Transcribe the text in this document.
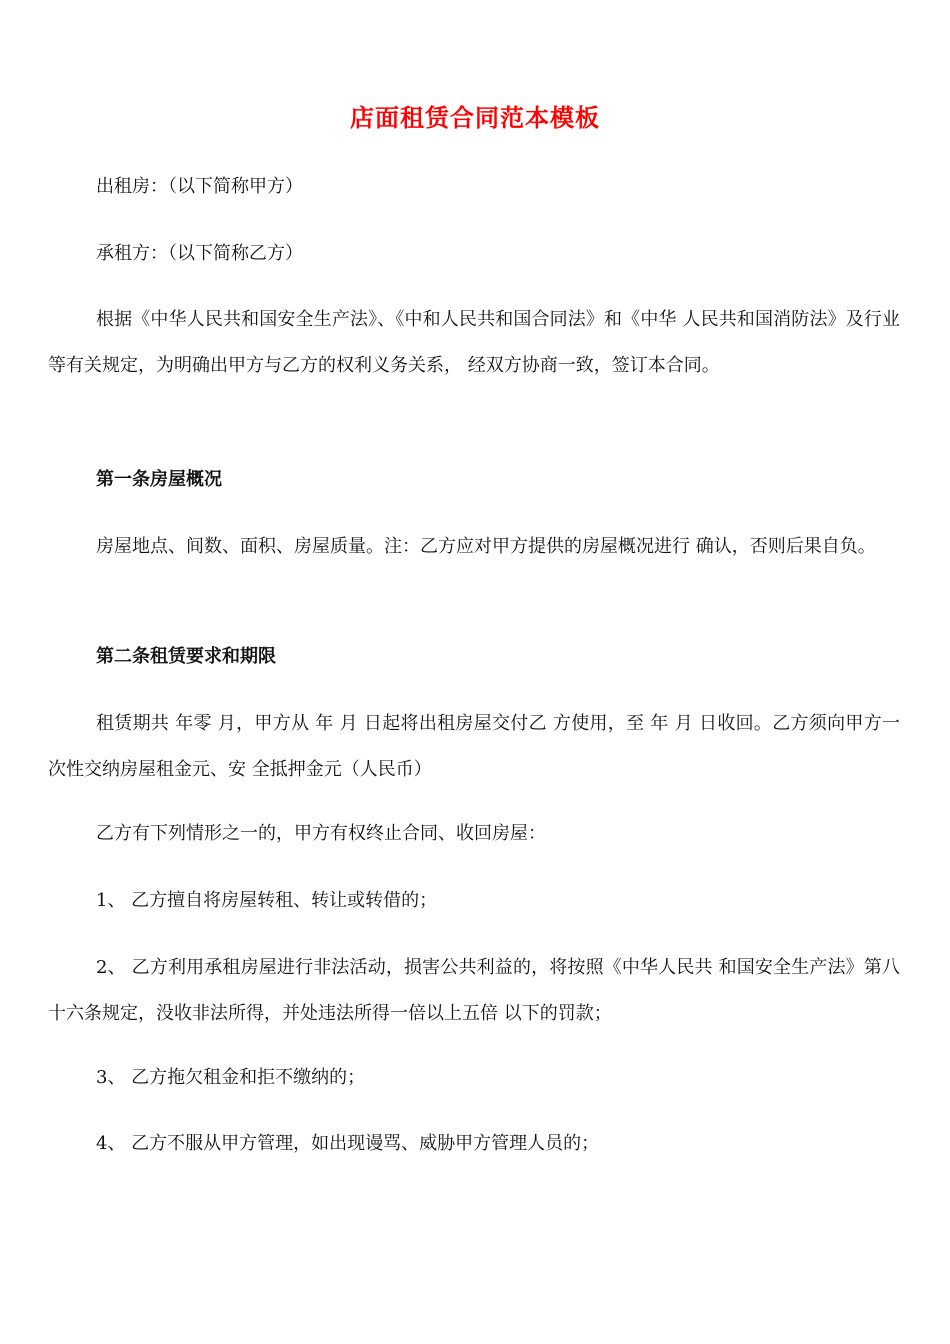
店面租赁合同范本模板
出租房：（以下简称甲方）
承租方：（以下简称乙方）
根据《中华人民共和国安全生产法》、《中和人民共和国合同法》和《中华 人民共和国消防法》及行业等有关规定，为明确出甲方与乙方的权利义务关系， 经双方协商一致，签订本合同。
第一条房屋概况
房屋地点、间数、面积、房屋质量。注：乙方应对甲方提供的房屋概况进行 确认，否则后果自负。
第二条租赁要求和期限
租赁期共 年零 月，甲方从 年 月 日起将出租房屋交付乙 方使用，至 年 月 日收回。乙方须向甲方一次性交纳房屋租金元、安 全抵押金元（人民币）
乙方有下列情形之一的，甲方有权终止合同、收回房屋：
1、 乙方擅自将房屋转租、转让或转借的；
2、 乙方利用承租房屋进行非法活动，损害公共利益的，将按照《中华人民共 和国安全生产法》第八十六条规定，没收非法所得，并处违法所得一倍以上五倍 以下的罚款；
3、 乙方拖欠租金和拒不缴纳的；
4、 乙方不服从甲方管理，如出现谩骂、威胁甲方管理人员的；
